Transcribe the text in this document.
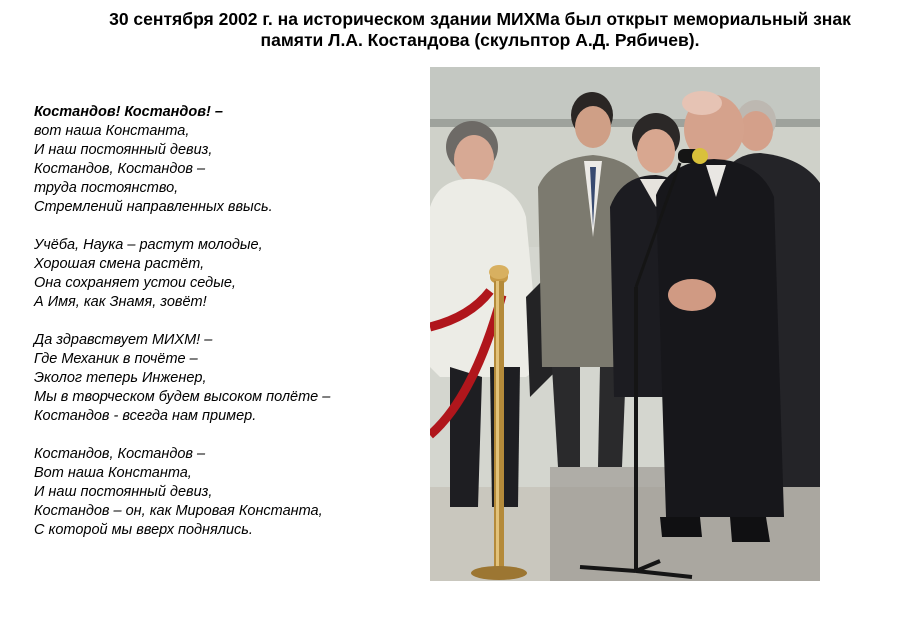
30 сентября 2002 г. на историческом здании МИХМа был открыт мемориальный знак
памяти Л.А. Костандова (скульптор А.Д. Рябичев).
Костандов! Костандов! –
вот наша Константа,
И наш постоянный девиз,
Костандов, Костандов –
труда постоянство,
Стремлений направленных ввысь.
Учёба, Наука – растут молодые,
Хорошая смена растёт,
Она сохраняет устои седые,
А Имя, как Знамя, зовёт!
Да здравствует МИХМ! –
Где Механик в почёте –
Эколог теперь Инженер,
Мы в творческом будем высоком полёте –
Костандов - всегда нам пример.
Костандов, Костандов –
Вот наша Константа,
И наш постоянный девиз,
Костандов – он, как Мировая Константа,
С которой мы вверх поднялись.
